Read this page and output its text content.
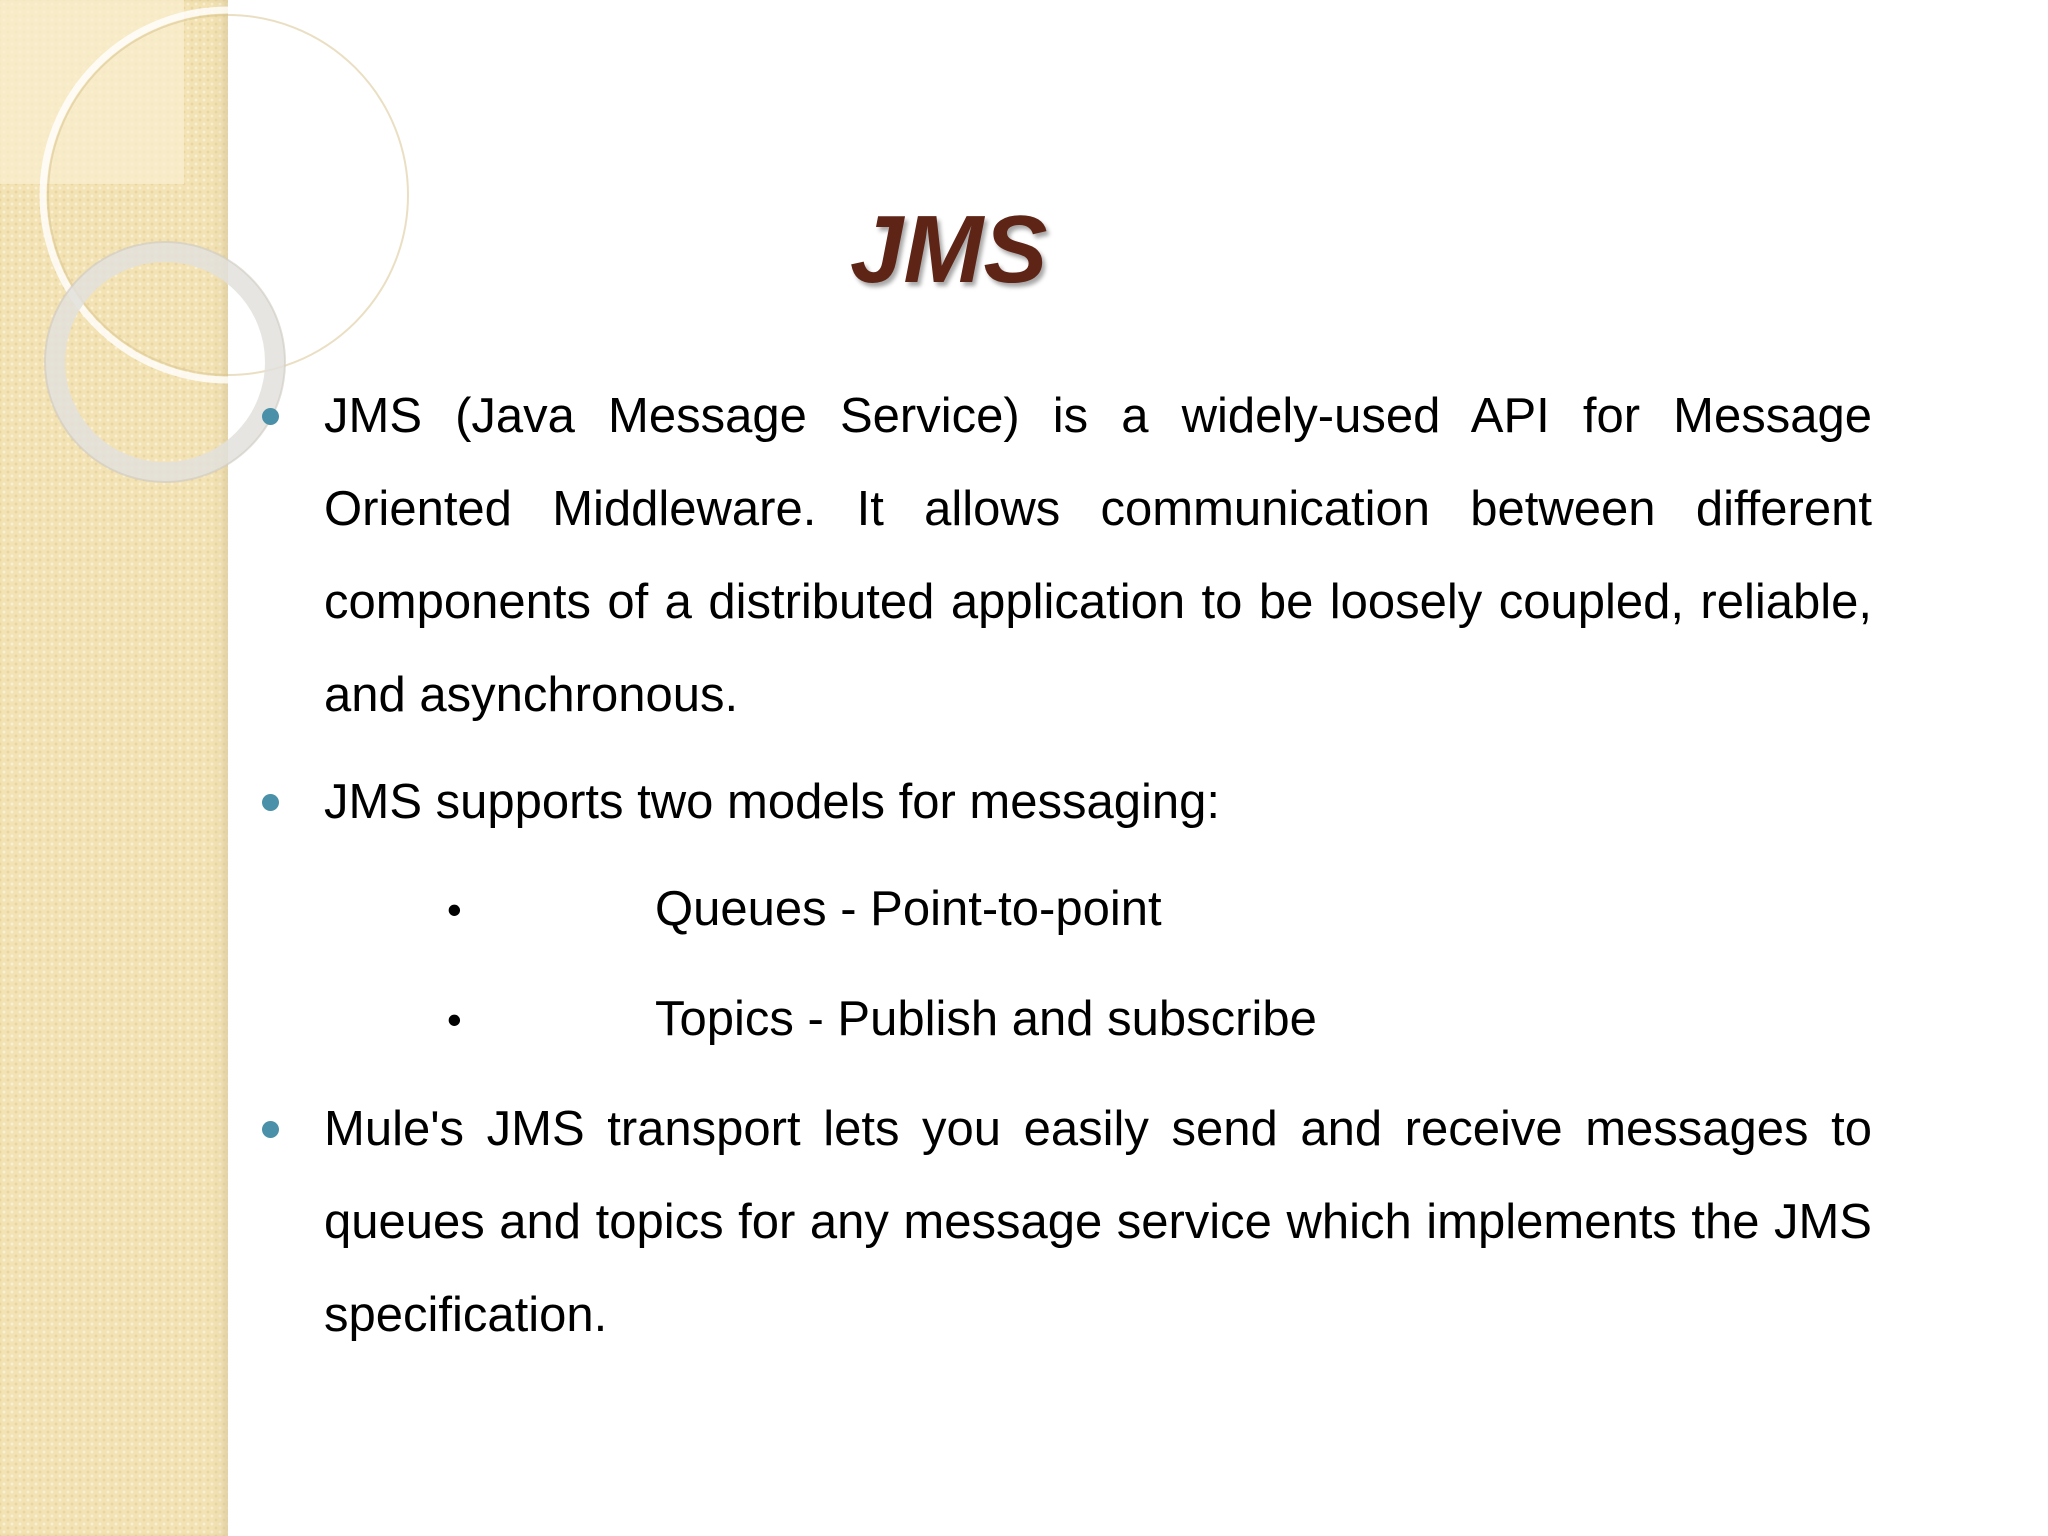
JMS
JMS (Java Message Service) is a widely-used API for Message Oriented Middleware. It allows communication between different components of a distributed application to be loosely coupled, reliable, and asynchronous.
JMS supports two models for messaging:
•	Queues - Point-to-point
•	Topics - Publish and subscribe
Mule's JMS transport lets you easily send and receive messages to queues and topics for any message service which implements the JMS specification.
